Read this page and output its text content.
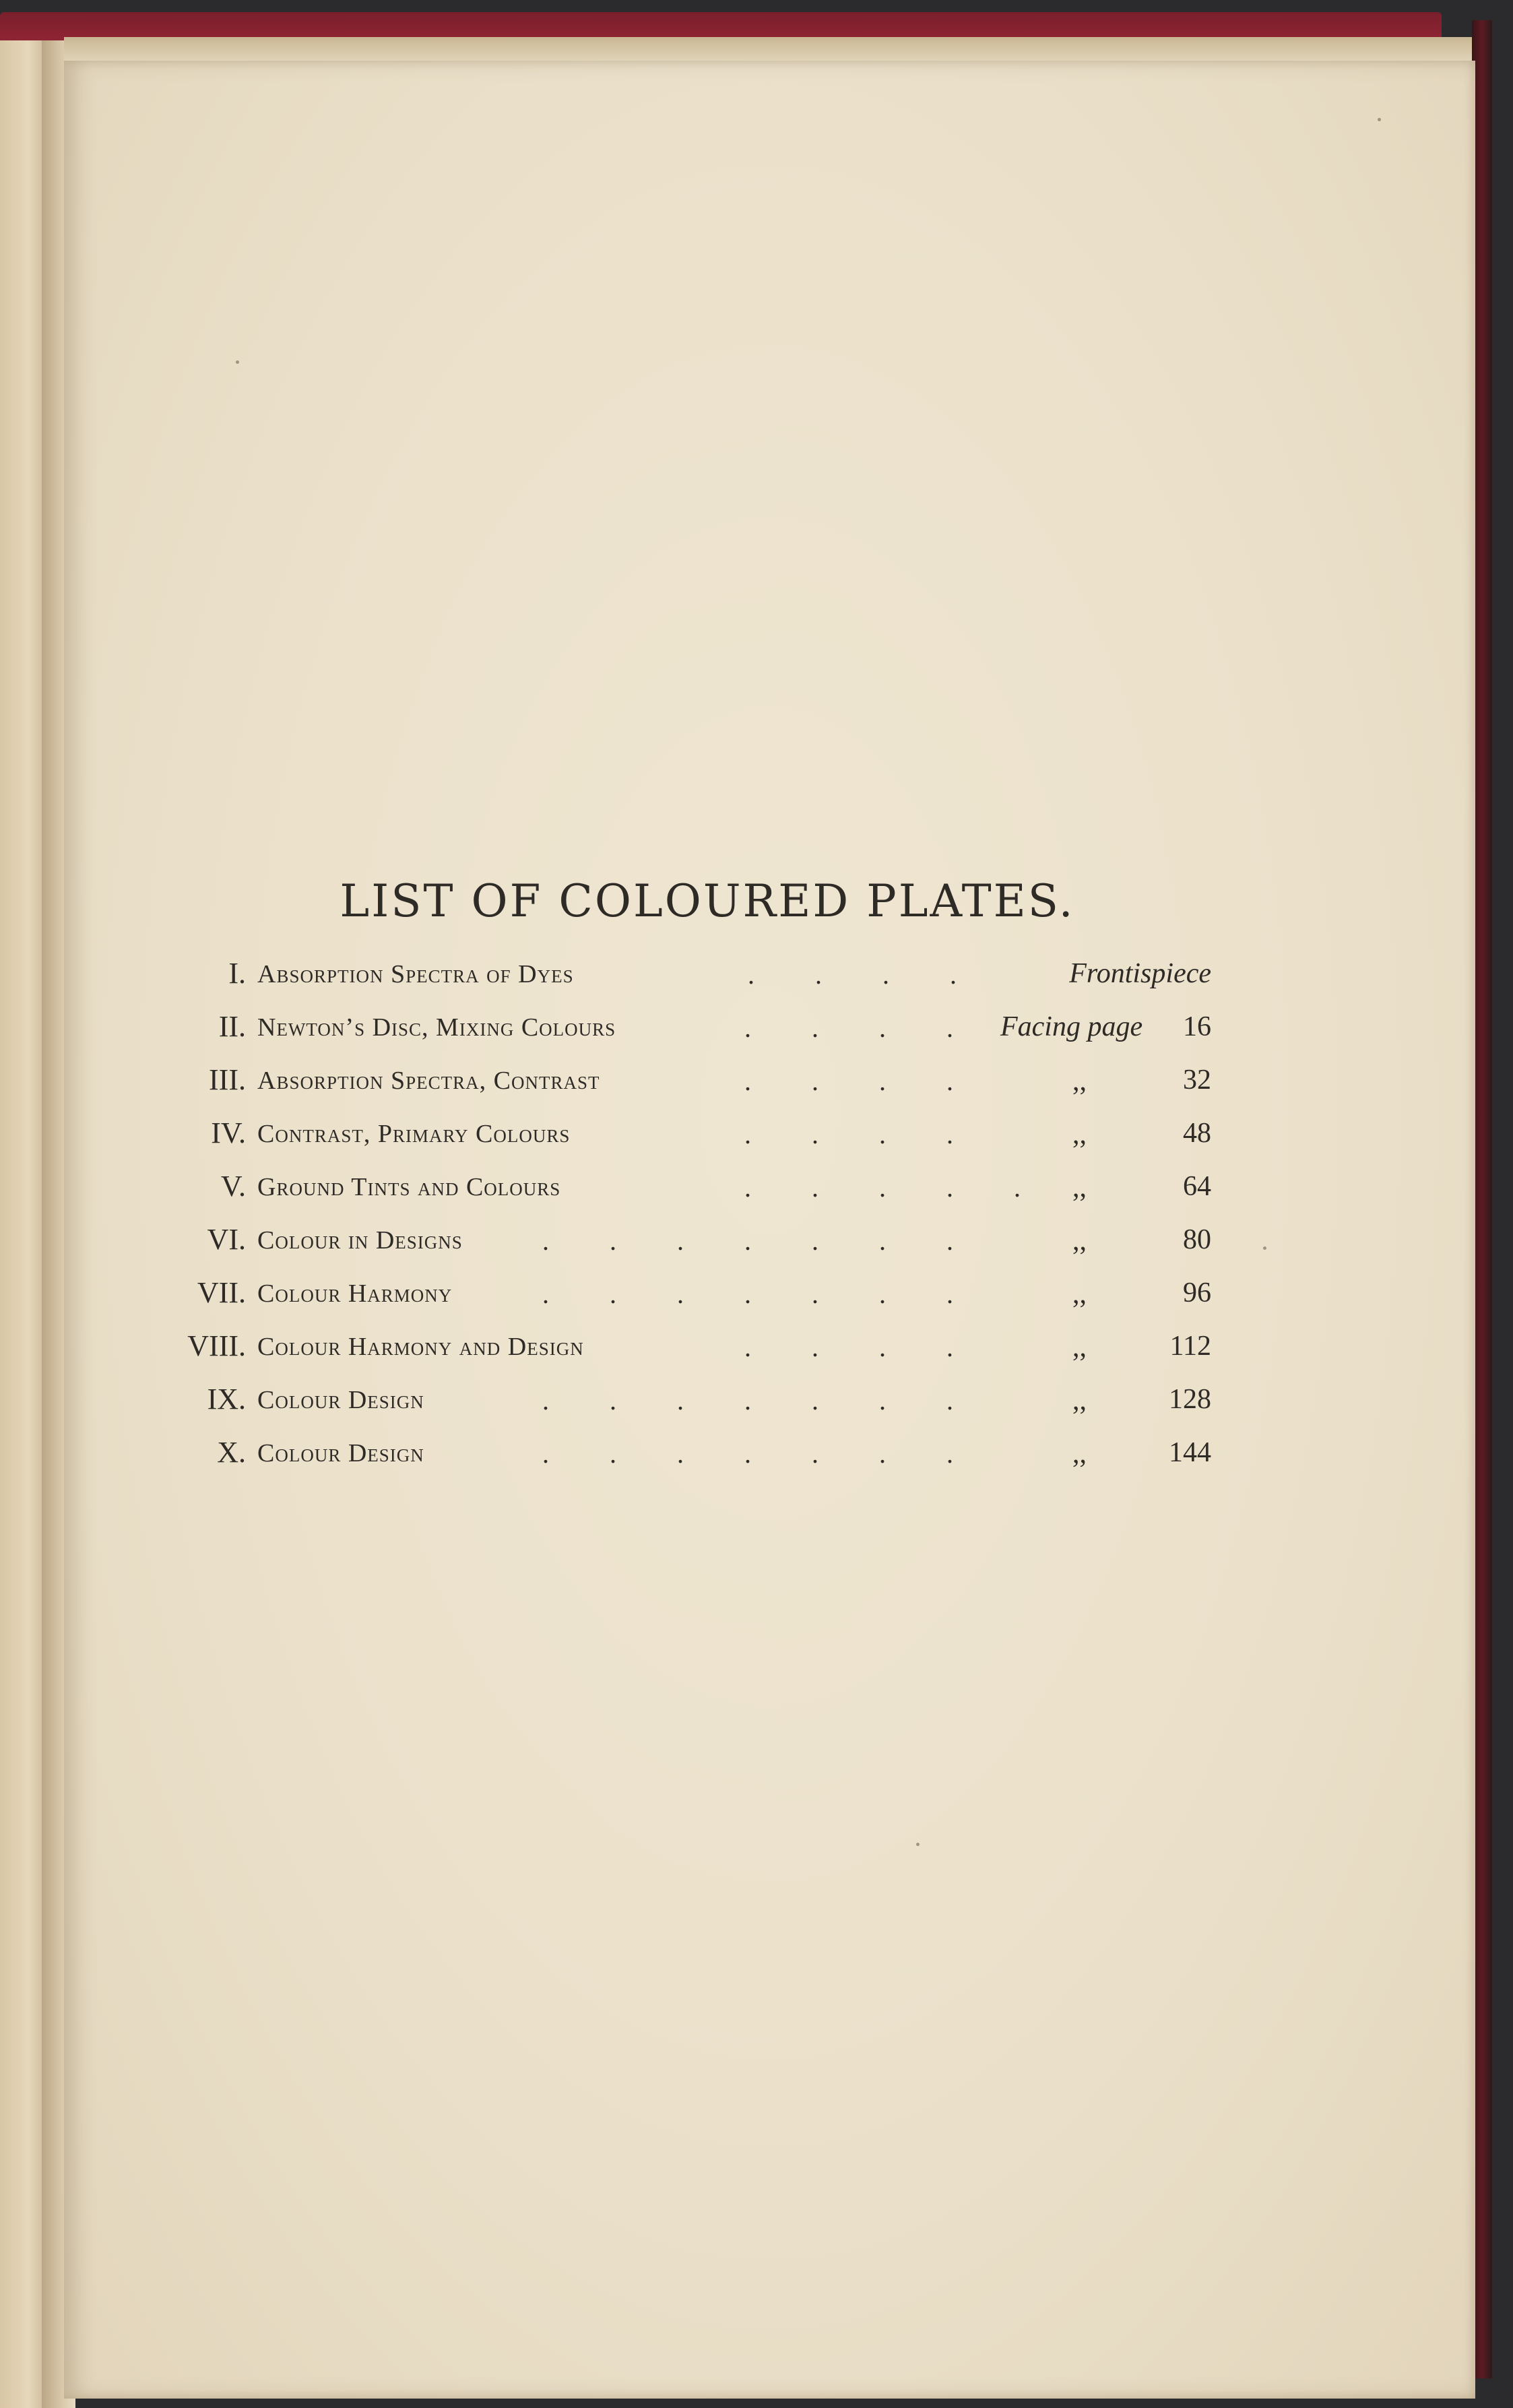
LIST OF COLOURED PLATES.
I. Absorption Spectra of Dyes	.	.	.	.	Frontispiece
II. Newton’s Disc, Mixing Colours	.	.	.	.	Facing page	16
III. Absorption Spectra, Contrast	.	.	.	.	,,	32
IV. Contrast, Primary Colours	.	.	.	.	,,	48
V. Ground Tints and Colours	.	.	.	.	.	,,	64
VI. Colour in Designs	.	.	.	.	.	.	.	,,	80
VII. Colour Harmony	.	.	.	.	.	.	.	,,	96
VIII. Colour Harmony and Design	.	.	.	.	,,	112
IX. Colour Design	.	.	.	.	.	.	.	,,	128
X. Colour Design	.	.	.	.	.	.	.	,,	144
